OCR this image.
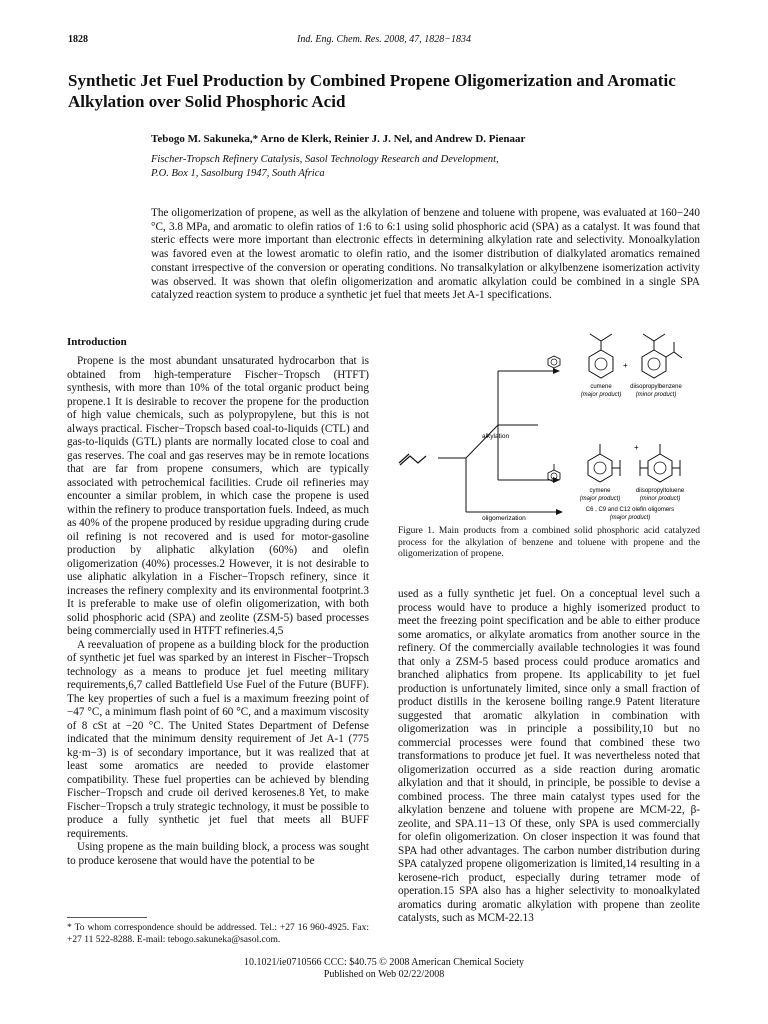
1828	Ind. Eng. Chem. Res. 2008, 47, 1828−1834
Synthetic Jet Fuel Production by Combined Propene Oligomerization and Aromatic Alkylation over Solid Phosphoric Acid
Tebogo M. Sakuneka,* Arno de Klerk, Reinier J. J. Nel, and Andrew D. Pienaar
Fischer-Tropsch Refinery Catalysis, Sasol Technology Research and Development,
P.O. Box 1, Sasolburg 1947, South Africa
The oligomerization of propene, as well as the alkylation of benzene and toluene with propene, was evaluated at 160−240 °C, 3.8 MPa, and aromatic to olefin ratios of 1:6 to 6:1 using solid phosphoric acid (SPA) as a catalyst. It was found that steric effects were more important than electronic effects in determining alkylation rate and selectivity. Monoalkylation was favored even at the lowest aromatic to olefin ratio, and the isomer distribution of dialkylated aromatics remained constant irrespective of the conversion or operating conditions. No transalkylation or alkylbenzene isomerization activity was observed. It was shown that olefin oligomerization and aromatic alkylation could be combined in a single SPA catalyzed reaction system to produce a synthetic jet fuel that meets Jet A-1 specifications.
Introduction

Propene is the most abundant unsaturated hydrocarbon that is obtained from high-temperature Fischer−Tropsch (HTFT) synthesis, with more than 10% of the total organic product being propene.1 It is desirable to recover the propene for the production of high value chemicals, such as polypropylene, but this is not always practical. Fischer−Tropsch based coal-to-liquids (CTL) and gas-to-liquids (GTL) plants are normally located close to coal and gas reserves. The coal and gas reserves may be in remote locations that are far from propene consumers, which are typically associated with petrochemical facilities. Crude oil refineries may encounter a similar problem, in which case the propene is used within the refinery to produce transportation fuels. Indeed, as much as 40% of the propene produced by residue upgrading during crude oil refining is not recovered and is used for motor-gasoline production by aliphatic alkylation (60%) and olefin oligomerization (40%) processes.2 However, it is not desirable to use aliphatic alkylation in a Fischer−Tropsch refinery, since it increases the refinery complexity and its environmental footprint.3 It is preferable to make use of olefin oligomerization, with both solid phosphoric acid (SPA) and zeolite (ZSM-5) based processes being commercially used in HTFT refineries.4,5

A reevaluation of propene as a building block for the production of synthetic jet fuel was sparked by an interest in Fischer−Tropsch technology as a means to produce jet fuel meeting military requirements,6,7 called Battlefield Use Fuel of the Future (BUFF). The key properties of such a fuel is a maximum freezing point of −47 °C, a minimum flash point of 60 °C, and a maximum viscosity of 8 cSt at −20 °C. The United States Department of Defense indicated that the minimum density requirement of Jet A-1 (775 kg·m−3) is of secondary importance, but it was realized that at least some aromatics are needed to provide elastomer compatibility. These fuel properties can be achieved by blending Fischer−Tropsch and crude oil derived kerosenes.8 Yet, to make Fischer−Tropsch a truly strategic technology, it must be possible to produce a fully synthetic jet fuel that meets all BUFF requirements.

Using propene as the main building block, a process was sought to produce kerosene that would have the potential to be

alkylation
oligomerization
+
+
cumene
(major product)
diisopropylbenzene
(minor product)
cymene
(major product)
diisopropyltoluene
(minor product)
C6 , C9 and C12 olefin oligomers
(major product)
Figure 1. Main products from a combined solid phosphoric acid catalyzed process for the alkylation of benzene and toluene with propene and the oligomerization of propene.

used as a fully synthetic jet fuel. On a conceptual level such a process would have to produce a highly isomerized product to meet the freezing point specification and be able to either produce some aromatics, or alkylate aromatics from another source in the refinery. Of the commercially available technologies it was found that only a ZSM-5 based process could produce aromatics and branched aliphatics from propene. Its applicability to jet fuel production is unfortunately limited, since only a small fraction of product distills in the kerosene boiling range.9 Patent literature suggested that aromatic alkylation in combination with oligomerization was in principle a possibility,10 but no commercial processes were found that combined these two transformations to produce jet fuel. It was nevertheless noted that oligomerization occurred as a side reaction during aromatic alkylation and that it should, in principle, be possible to devise a combined process. The three main catalyst types used for the alkylation benzene and toluene with propene are MCM-22, β-zeolite, and SPA.11−13 Of these, only SPA is used commercially for olefin oligomerization. On closer inspection it was found that SPA had other advantages. The carbon number distribution during SPA catalyzed propene oligomerization is limited,14 resulting in a kerosene-rich product, especially during tetramer mode of operation.15 SPA also has a higher selectivity to monoalkylated aromatics during aromatic alkylation with propene than zeolite catalysts, such as MCM-22.13

* To whom correspondence should be addressed. Tel.: +27 16 960-4925. Fax: +27 11 522-8288. E-mail: tebogo.sakuneka@sasol.com.
10.1021/ie0710566 CCC: $40.75 © 2008 American Chemical Society
Published on Web 02/22/2008
